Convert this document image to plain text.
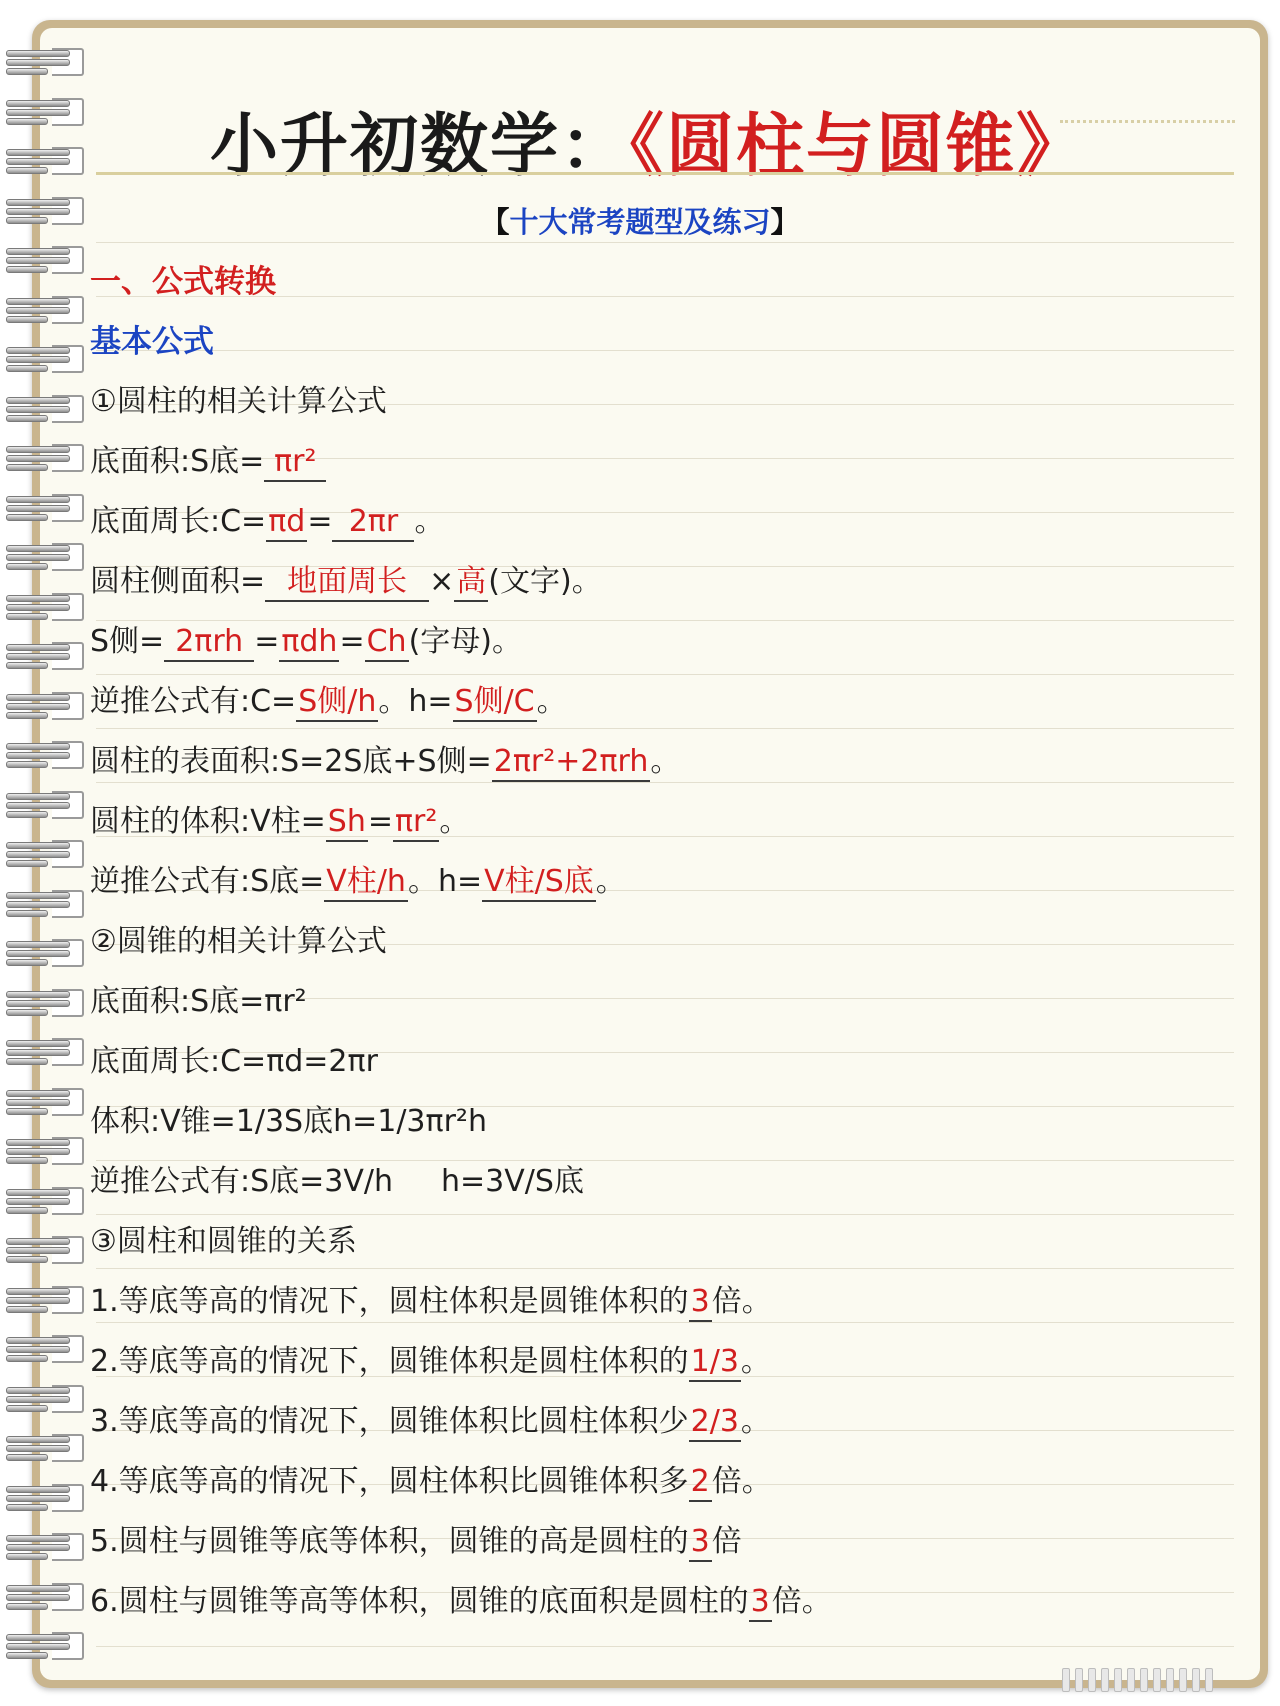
小升初数学：《圆柱与圆锥》
【十大常考题型及练习】
一、公式转换
基本公式
①圆柱的相关计算公式
底面积:S底= πr²
底面周长:C=πd= 2πr 。
圆柱侧面积= 地面周长 ×高(文字)。
S侧= 2πrh =πdh=Ch(字母)。
逆推公式有:C=S侧/h。h=S侧/C。
圆柱的表面积:S=2S底+S侧=2πr²+2πrh。
圆柱的体积:V柱=Sh=πr²。
逆推公式有:S底=V柱/h。h=V柱/S底。
②圆锥的相关计算公式
底面积:S底=πr²
底面周长:C=πd=2πr
体积:V锥=1/3S底h=1/3πr²h
逆推公式有:S底=3V/h h=3V/S底
③圆柱和圆锥的关系
1.等底等高的情况下，圆柱体积是圆锥体积的3倍。
2.等底等高的情况下，圆锥体积是圆柱体积的1/3。
3.等底等高的情况下，圆锥体积比圆柱体积少2/3。
4.等底等高的情况下，圆柱体积比圆锥体积多2倍。
5.圆柱与圆锥等底等体积，圆锥的高是圆柱的3倍
6.圆柱与圆锥等高等体积，圆锥的底面积是圆柱的3倍。
